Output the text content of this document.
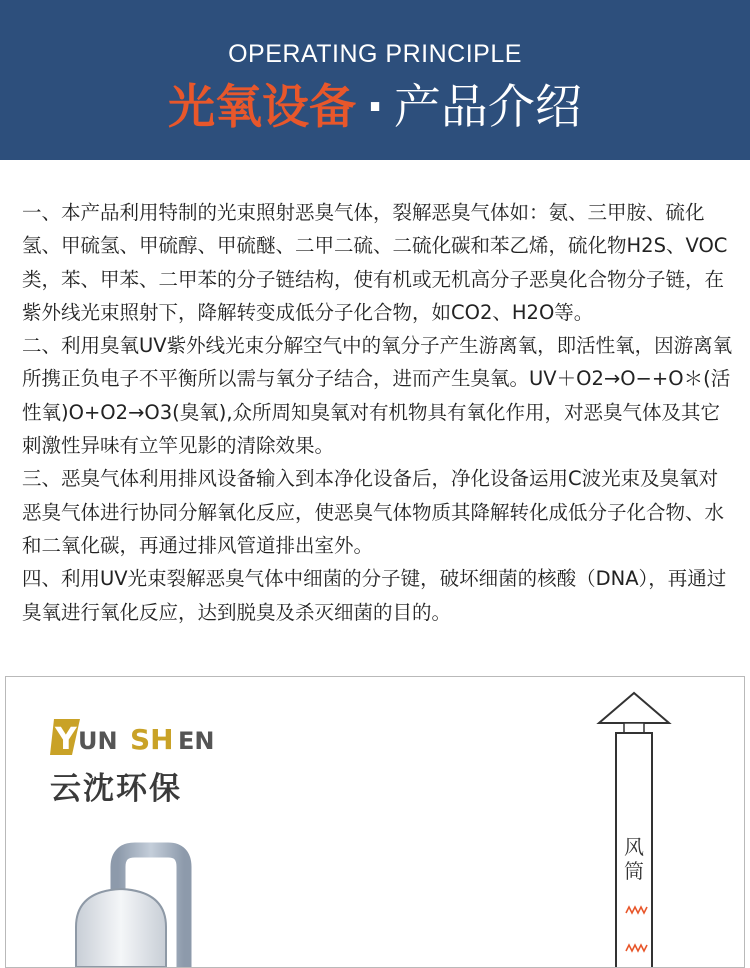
OPERATING PRINCIPLE
光氧设备 · 产品介绍

一、本产品利用特制的光束照射恶臭气体，裂解恶臭气体如：氨、三甲胺、硫化氢、甲硫氢、甲硫醇、甲硫醚、二甲二硫、二硫化碳和苯乙烯，硫化物H2S、VOC类，苯、甲苯、二甲苯的分子链结构，使有机或无机高分子恶臭化合物分子链，在紫外线光束照射下，降解转变成低分子化合物，如CO2、H2O等。

二、利用臭氧UV紫外线光束分解空气中的氧分子产生游离氧，即活性氧，因游离氧所携正负电子不平衡所以需与氧分子结合，进而产生臭氧。UV＋O2→O−+O＊(活性氧)O+O2→O3(臭氧),众所周知臭氧对有机物具有氧化作用，对恶臭气体及其它刺激性异味有立竿见影的清除效果。

三、恶臭气体利用排风设备输入到本净化设备后，净化设备运用C波光束及臭氧对恶臭气体进行协同分解氧化反应，使恶臭气体物质其降解转化成低分子化合物、水和二氧化碳，再通过排风管道排出室外。

四、利用UV光束裂解恶臭气体中细菌的分子键，破坏细菌的核酸（DNA），再通过臭氧进行氧化反应，达到脱臭及杀灭细菌的目的。

Y UN SH EN
云沈环保
风
筒
